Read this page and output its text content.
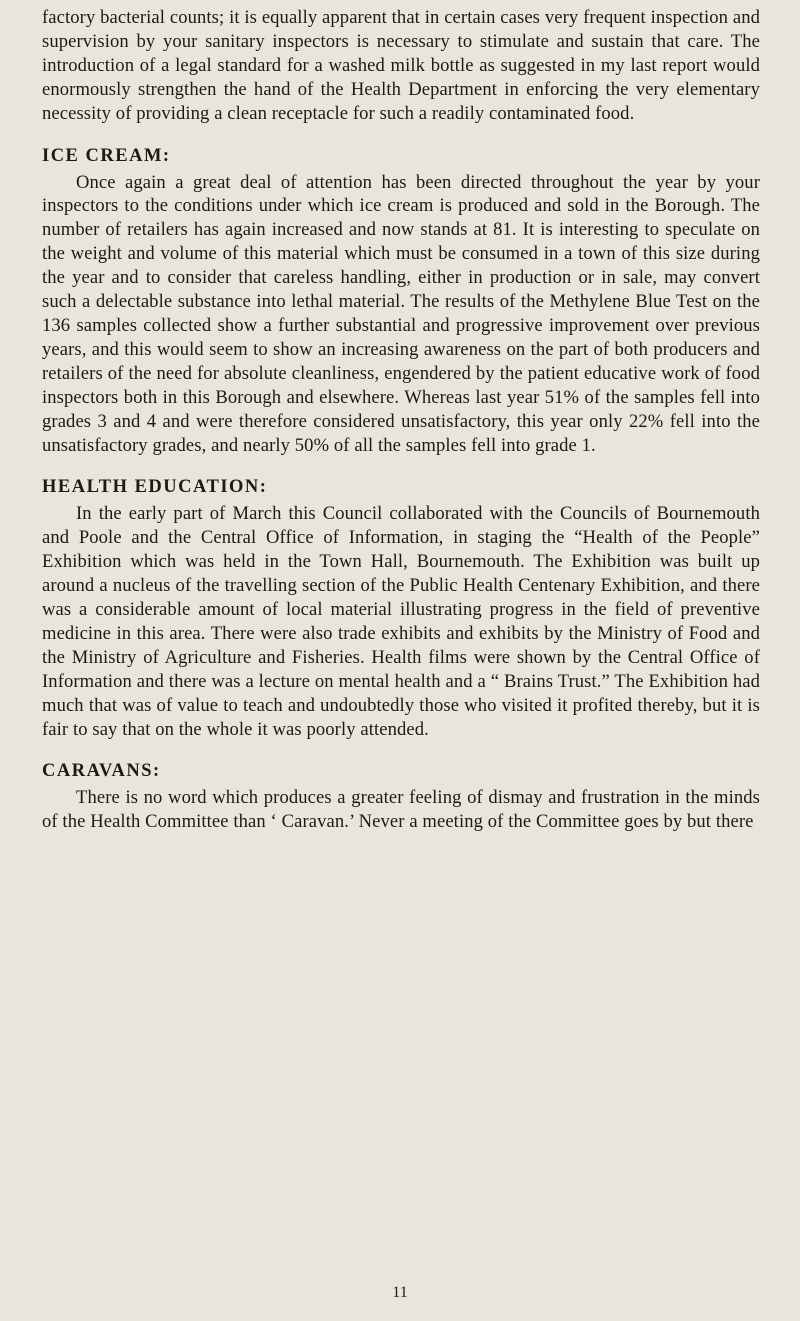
factory bacterial counts; it is equally apparent that in certain cases very frequent inspection and supervision by your sanitary inspectors is necessary to stimulate and sustain that care. The introduction of a legal standard for a washed milk bottle as suggested in my last report would enormously strengthen the hand of the Health Department in enforcing the very elementary necessity of providing a clean receptacle for such a readily contaminated food.

ICE CREAM:

Once again a great deal of attention has been directed throughout the year by your inspectors to the conditions under which ice cream is produced and sold in the Borough. The number of retailers has again increased and now stands at 81. It is interesting to speculate on the weight and volume of this material which must be consumed in a town of this size during the year and to consider that careless handling, either in production or in sale, may convert such a delectable substance into lethal material. The results of the Methylene Blue Test on the 136 samples collected show a further substantial and progressive improvement over previous years, and this would seem to show an increasing awareness on the part of both producers and retailers of the need for absolute cleanliness, engendered by the patient educative work of food inspectors both in this Borough and elsewhere. Whereas last year 51% of the samples fell into grades 3 and 4 and were therefore considered unsatisfactory, this year only 22% fell into the unsatisfactory grades, and nearly 50% of all the samples fell into grade 1.

HEALTH EDUCATION:

In the early part of March this Council collaborated with the Councils of Bournemouth and Poole and the Central Office of Information, in staging the “Health of the People” Exhibition which was held in the Town Hall, Bournemouth. The Exhibition was built up around a nucleus of the travelling section of the Public Health Centenary Exhibition, and there was a considerable amount of local material illustrating progress in the field of preventive medicine in this area. There were also trade exhibits and exhibits by the Ministry of Food and the Ministry of Agriculture and Fisheries. Health films were shown by the Central Office of Information and there was a lecture on mental health and a “ Brains Trust.” The Exhibition had much that was of value to teach and undoubtedly those who visited it profited thereby, but it is fair to say that on the whole it was poorly attended.

CARAVANS:

There is no word which produces a greater feeling of dismay and frustration in the minds of the Health Committee than ‘ Caravan.’ Never a meeting of the Committee goes by but there

11
